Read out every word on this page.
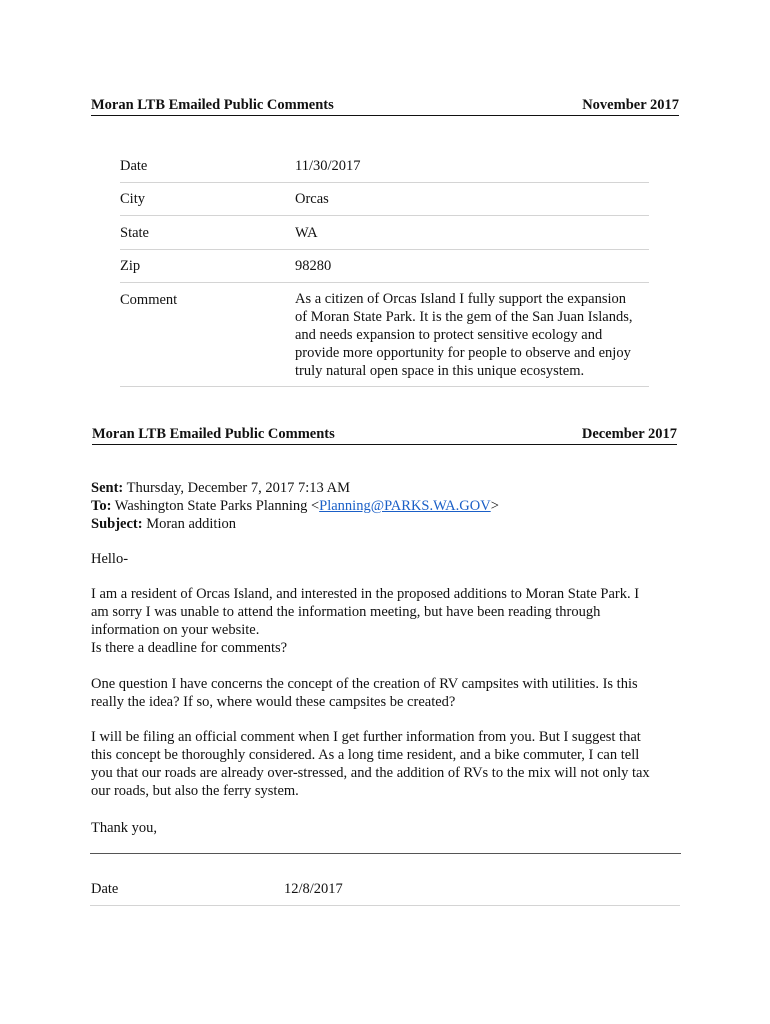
Moran LTB Emailed Public Comments	November 2017
Date	11/30/2017
City	Orcas
State	WA
Zip	98280
Comment	As a citizen of Orcas Island I fully support the expansion
of Moran State Park. It is the gem of the San Juan Islands,
and needs expansion to protect sensitive ecology and
provide more opportunity for people to observe and enjoy
truly natural open space in this unique ecosystem.
Moran LTB Emailed Public Comments	December 2017
Sent: Thursday, December 7, 2017 7:13 AM
To: Washington State Parks Planning <Planning@PARKS.WA.GOV>
Subject: Moran addition
Hello-
I am a resident of Orcas Island, and interested in the proposed additions to Moran State Park. I
am sorry I was unable to attend the information meeting, but have been reading through
information on your website.
Is there a deadline for comments?
One question I have concerns the concept of the creation of RV campsites with utilities. Is this
really the idea? If so, where would these campsites be created?
I will be filing an official comment when I get further information from you. But I suggest that
this concept be thoroughly considered. As a long time resident, and a bike commuter, I can tell
you that our roads are already over-stressed, and the addition of RVs to the mix will not only tax
our roads, but also the ferry system.
Thank you,
Date	12/8/2017
